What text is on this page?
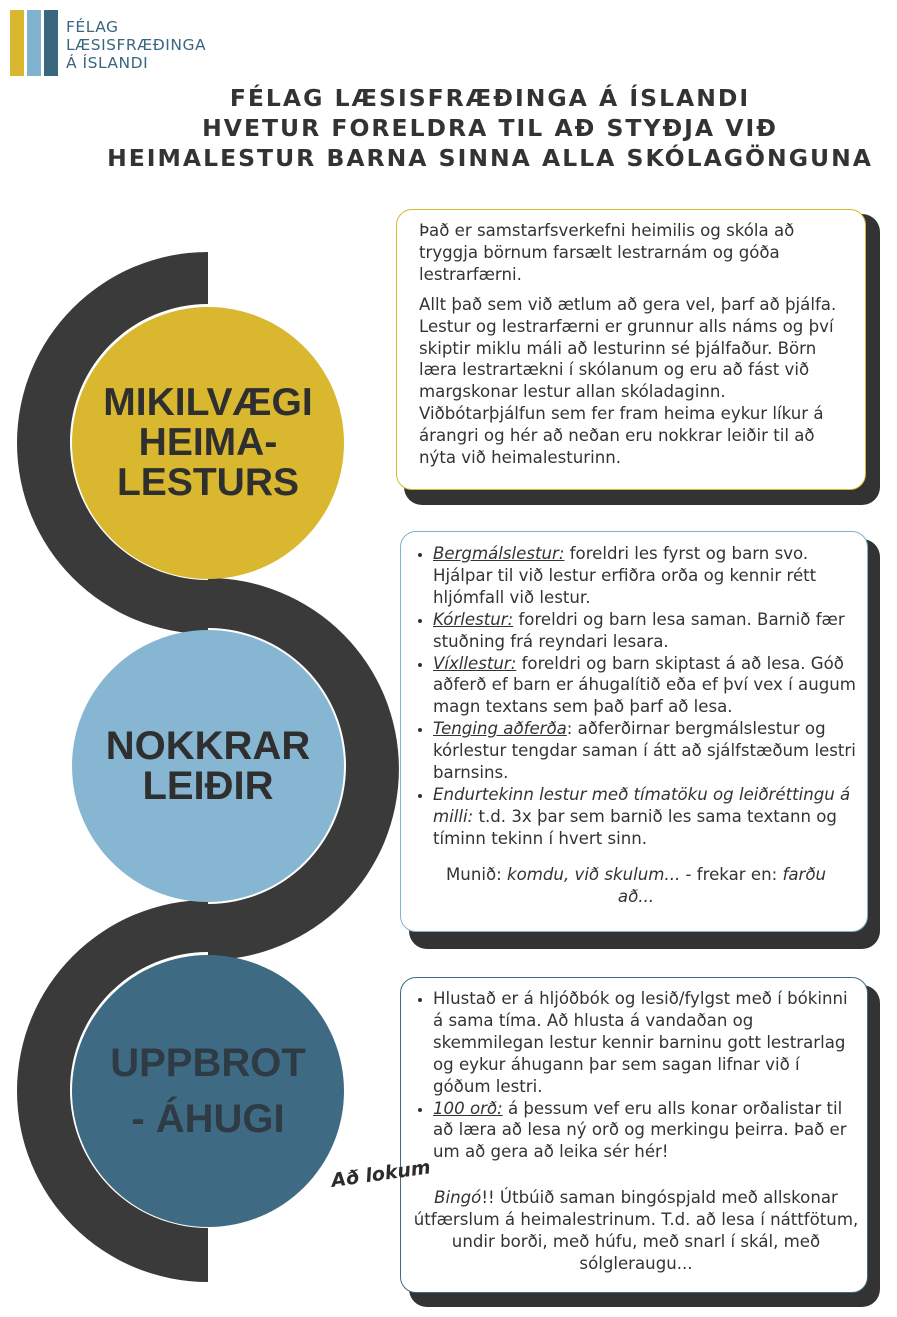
FÉLAG
LÆSISFRÆÐINGA
Á ÍSLANDI
FÉLAG LÆSISFRÆÐINGA Á ÍSLANDI
HVETUR FORELDRA TIL AÐ STYÐJA VIÐ
HEIMALESTUR BARNA SINNA ALLA SKÓLAGÖNGUNA
MIKILVÆGI
HEIMA-
LESTURS
NOKKRAR
LEIÐIR
UPPBROT
- ÁHUGI

Það er samstarfsverkefni heimilis og skóla að tryggja börnum farsælt lestrarnám og góða lestrarfærni.

Allt það sem við ætlum að gera vel, þarf að þjálfa. Lestur og lestrarfærni er grunnur alls náms og því skiptir miklu máli að lesturinn sé þjálfaður. Börn læra lestrartækni í skólanum og eru að fást við margskonar lestur allan skóladaginn. Viðbótarþjálfun sem fer fram heima eykur líkur á árangri og hér að neðan eru nokkrar leiðir til að nýta við heimalesturinn.

• Bergmálslestur: foreldri les fyrst og barn svo. Hjálpar til við lestur erfiðra orða og kennir rétt hljómfall við lestur.
• Kórlestur: foreldri og barn lesa saman. Barnið fær stuðning frá reyndari lesara.
• Víxllestur: foreldri og barn skiptast á að lesa. Góð aðferð ef barn er áhugalítið eða ef því vex í augum magn textans sem það þarf að lesa.
• Tenging aðferða: aðferðirnar bergmálslestur og kórlestur tengdar saman í átt að sjálfstæðum lestri barnsins.
• Endurtekinn lestur með tímatöku og leiðréttingu á milli: t.d. 3x þar sem barnið les sama textann og tíminn tekinn í hvert sinn.

Munið: komdu, við skulum... - frekar en: farðu að...

• Hlustað er á hljóðbók og lesið/fylgst með í bókinni á sama tíma. Að hlusta á vandaðan og skemmilegan lestur kennir barninu gott lestrarlag og eykur áhugann þar sem sagan lifnar við í góðum lestri.
• 100 orð: á þessum vef eru alls konar orðalistar til að læra að lesa ný orð og merkingu þeirra. Það er um að gera að leika sér hér!

Bingó!! Útbúið saman bingóspjald með allskonar útfærslum á heimalestrinum. T.d. að lesa í náttfötum, undir borði, með húfu, með snarl í skál, með sólgleraugu...

Að lokum
